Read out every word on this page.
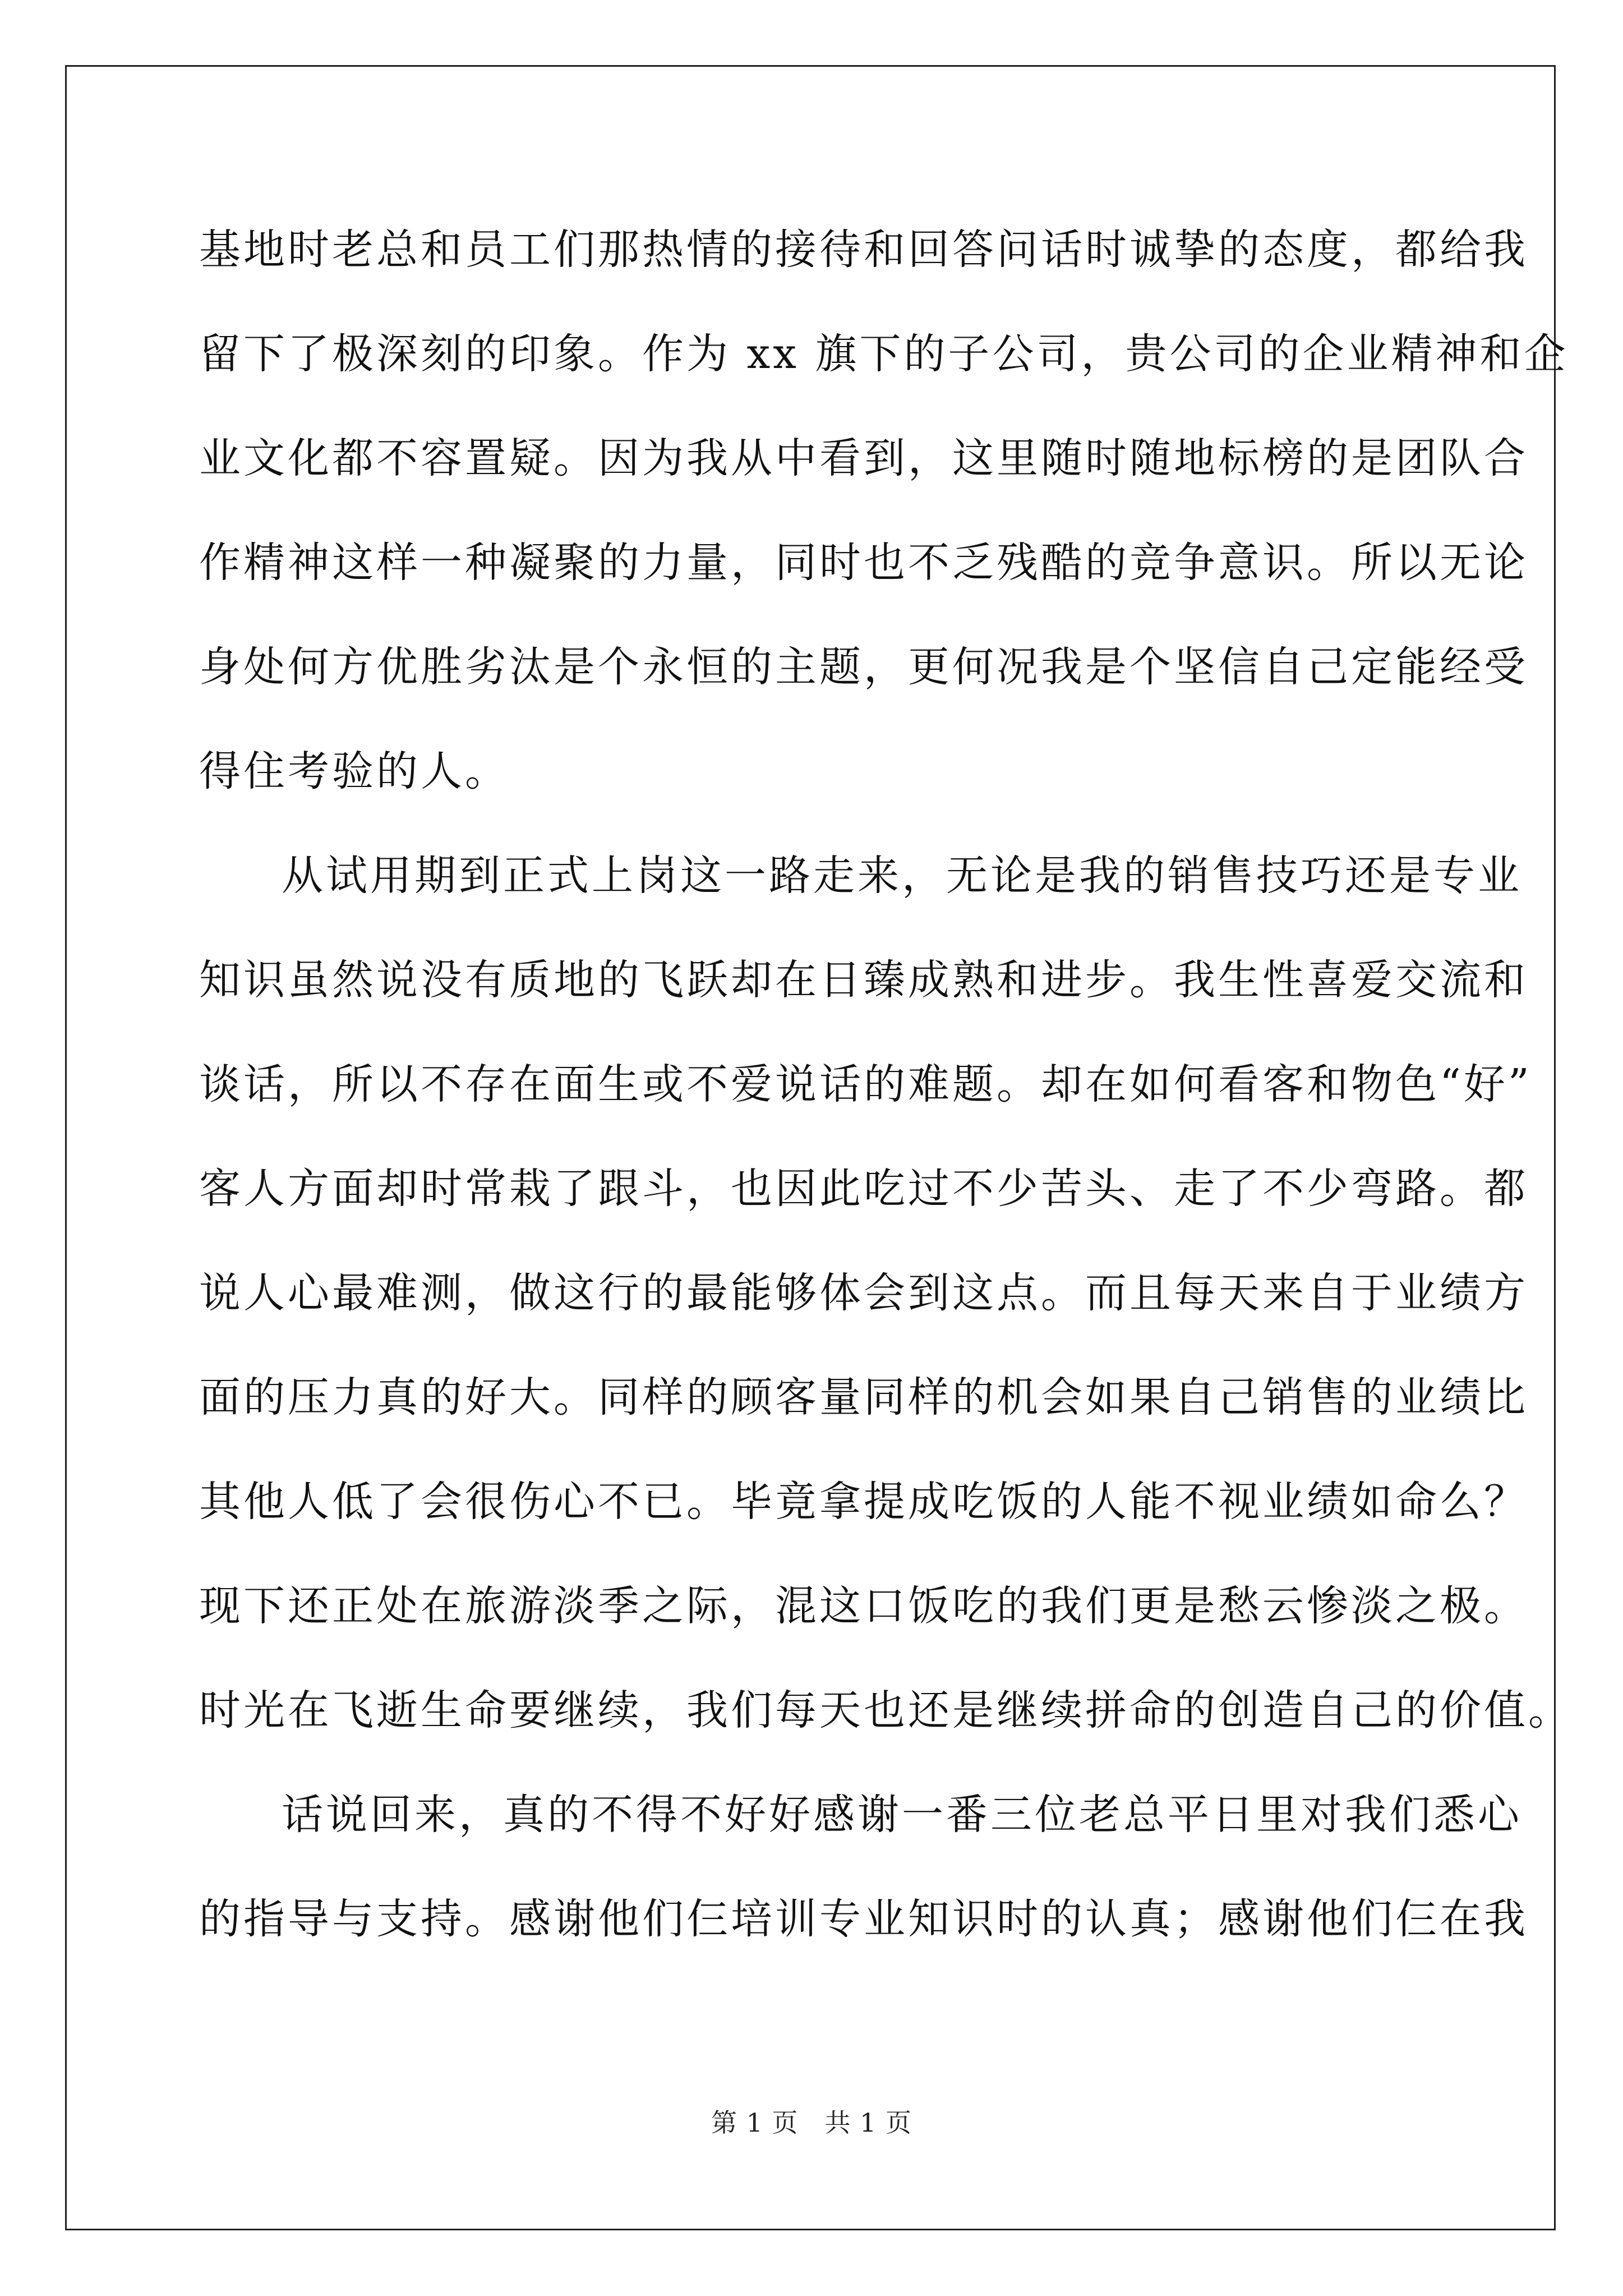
基地时老总和员工们那热情的接待和回答问话时诚挚的态度，都给我
留下了极深刻的印象。作为 xx 旗下的子公司，贵公司的企业精神和企
业文化都不容置疑。因为我从中看到，这里随时随地标榜的是团队合
作精神这样一种凝聚的力量，同时也不乏残酷的竞争意识。所以无论
身处何方优胜劣汰是个永恒的主题，更何况我是个坚信自己定能经受
得住考验的人。
从试用期到正式上岗这一路走来，无论是我的销售技巧还是专业
知识虽然说没有质地的飞跃却在日臻成熟和进步。我生性喜爱交流和
谈话，所以不存在面生或不爱说话的难题。却在如何看客和物色“好”
客人方面却时常栽了跟斗，也因此吃过不少苦头、走了不少弯路。都
说人心最难测，做这行的最能够体会到这点。而且每天来自于业绩方
面的压力真的好大。同样的顾客量同样的机会如果自己销售的业绩比
其他人低了会很伤心不已。毕竟拿提成吃饭的人能不视业绩如命么？
现下还正处在旅游淡季之际，混这口饭吃的我们更是愁云惨淡之极。
时光在飞逝生命要继续，我们每天也还是继续拼命的创造自己的价值。
话说回来，真的不得不好好感谢一番三位老总平日里对我们悉心
的指导与支持。感谢他们仨培训专业知识时的认真；感谢他们仨在我
第 1 页 共 1 页
